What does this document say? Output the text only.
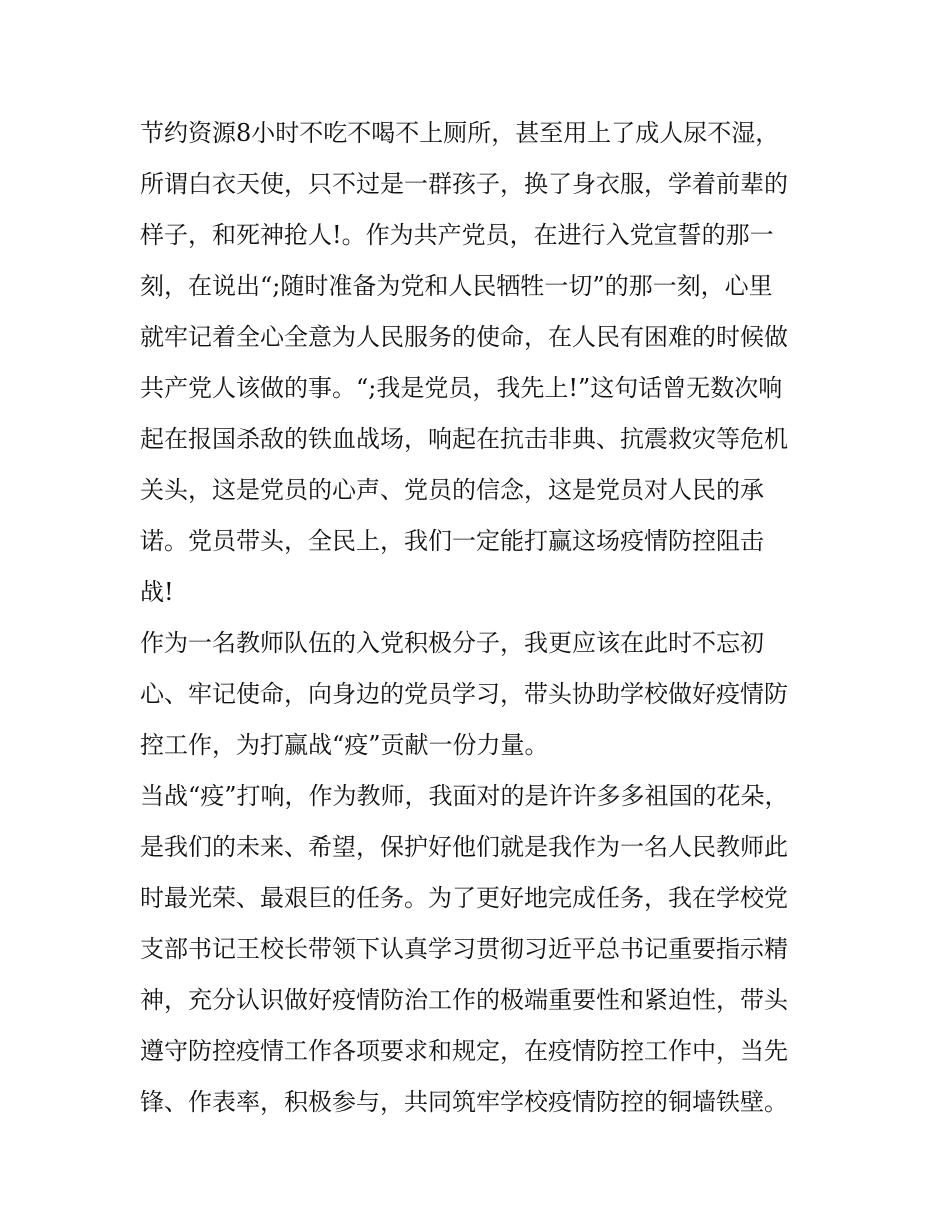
节约资源8小时不吃不喝不上厕所，甚至用上了成人尿不湿，
所谓白衣天使，只不过是一群孩子，换了身衣服，学着前辈的
样子，和死神抢人!。作为共产党员，在进行入党宣誓的那一
刻，在说出“;随时准备为党和人民牺牲一切”的那一刻，心里
就牢记着全心全意为人民服务的使命，在人民有困难的时候做
共产党人该做的事。“;我是党员，我先上!”这句话曾无数次响
起在报国杀敌的铁血战场，响起在抗击非典、抗震救灾等危机
关头，这是党员的心声、党员的信念，这是党员对人民的承
诺。党员带头，全民上，我们一定能打赢这场疫情防控阻击
战!
作为一名教师队伍的入党积极分子，我更应该在此时不忘初
心、牢记使命，向身边的党员学习，带头协助学校做好疫情防
控工作，为打赢战“疫”贡献一份力量。
当战“疫”打响，作为教师，我面对的是许许多多祖国的花朵，
是我们的未来、希望，保护好他们就是我作为一名人民教师此
时最光荣、最艰巨的任务。为了更好地完成任务，我在学校党
支部书记王校长带领下认真学习贯彻习近平总书记重要指示精
神，充分认识做好疫情防治工作的极端重要性和紧迫性，带头
遵守防控疫情工作各项要求和规定，在疫情防控工作中，当先
锋、作表率，积极参与，共同筑牢学校疫情防控的铜墙铁壁。
